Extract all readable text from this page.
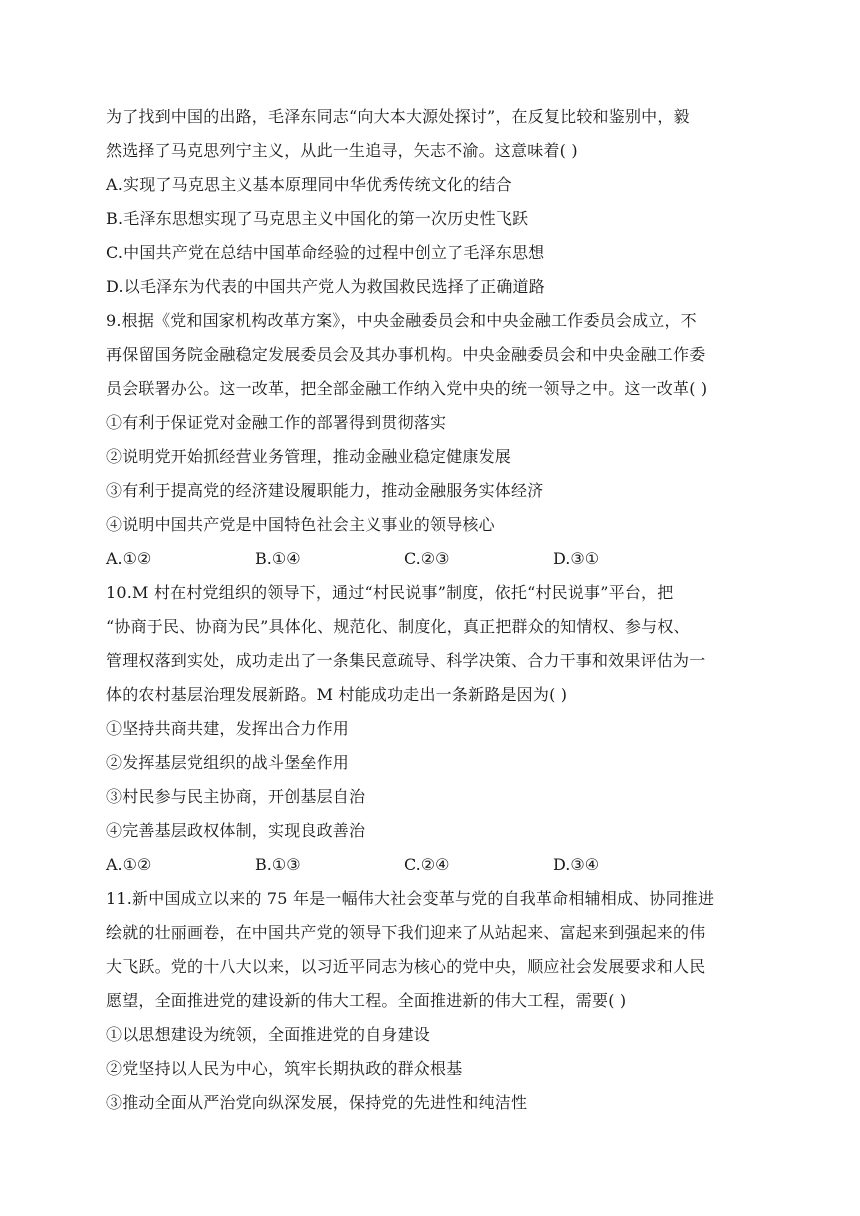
为了找到中国的出路，毛泽东同志“向大本大源处探讨”，在反复比较和鉴别中，毅
然选择了马克思列宁主义，从此一生追寻，矢志不渝。这意味着( )
A.实现了马克思主义基本原理同中华优秀传统文化的结合
B.毛泽东思想实现了马克思主义中国化的第一次历史性飞跃
C.中国共产党在总结中国革命经验的过程中创立了毛泽东思想
D.以毛泽东为代表的中国共产党人为救国救民选择了正确道路
9.根据《党和国家机构改革方案》，中央金融委员会和中央金融工作委员会成立，不
再保留国务院金融稳定发展委员会及其办事机构。中央金融委员会和中央金融工作委
员会联署办公。这一改革，把全部金融工作纳入党中央的统一领导之中。这一改革( )
①有利于保证党对金融工作的部署得到贯彻落实
②说明党开始抓经营业务管理，推动金融业稳定健康发展
③有利于提高党的经济建设履职能力，推动金融服务实体经济
④说明中国共产党是中国特色社会主义事业的领导核心
A.①②	B.①④	C.②③	D.③①
10.M 村在村党组织的领导下，通过“村民说事”制度，依托“村民说事”平台，把
“协商于民、协商为民”具体化、规范化、制度化，真正把群众的知情权、参与权、
管理权落到实处，成功走出了一条集民意疏导、科学决策、合力干事和效果评估为一
体的农村基层治理发展新路。M 村能成功走出一条新路是因为( )
①坚持共商共建，发挥出合力作用
②发挥基层党组织的战斗堡垒作用
③村民参与民主协商，开创基层自治
④完善基层政权体制，实现良政善治
A.①②	B.①③	C.②④	D.③④
11.新中国成立以来的 75 年是一幅伟大社会变革与党的自我革命相辅相成、协同推进
绘就的壮丽画卷，在中国共产党的领导下我们迎来了从站起来、富起来到强起来的伟
大飞跃。党的十八大以来，以习近平同志为核心的党中央，顺应社会发展要求和人民
愿望，全面推进党的建设新的伟大工程。全面推进新的伟大工程，需要( )
①以思想建设为统领，全面推进党的自身建设
②党坚持以人民为中心，筑牢长期执政的群众根基
③推动全面从严治党向纵深发展，保持党的先进性和纯洁性
